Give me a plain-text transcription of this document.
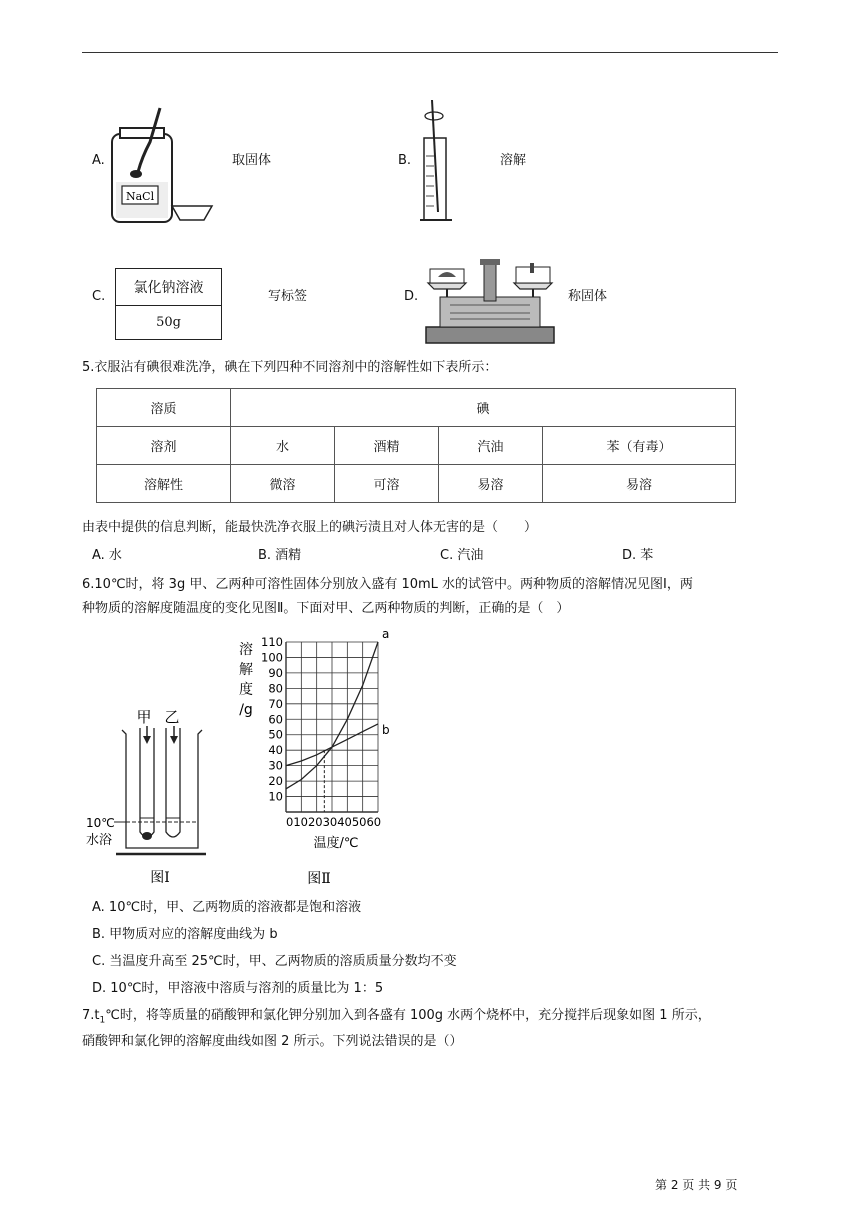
A.
NaCl
取固体	B.	溶解
C.
氯化钠溶液
50g
写标签	D.	称固体
5.衣服沾有碘很难洗净，碘在下列四种不同溶剂中的溶解性如下表所示：
溶质	碘			
溶剂	水	酒精	汽油	苯（有毒）
溶解性	微溶	可溶	易溶	易溶
由表中提供的信息判断，能最快洗净衣服上的碘污渍且对人体无害的是（　　）
A. 水	B. 酒精	C. 汽油	D. 苯
6.10℃时，将 3g 甲、乙两种可溶性固体分别放入盛有 10mL 水的试管中。两种物质的溶解情况见图Ⅰ，两
种物质的溶解度随温度的变化见图Ⅱ。下面对甲、乙两种物质的判断，正确的是（　）
甲 乙
10℃
水浴
图Ⅰ
溶
解
度
/g
10
20
30
40
50
60
70
80
90
100
110
0102030405060
温度/℃
a
b
图Ⅱ
A. 10℃时，甲、乙两物质的溶液都是饱和溶液
B. 甲物质对应的溶解度曲线为 b
C. 当温度升高至 25℃时，甲、乙两物质的溶质质量分数均不变
D. 10℃时，甲溶液中溶质与溶剂的质量比为 1：5
$7.t_1℃$时，将等质量的硝酸钾和氯化钾分别加入到各盛有 100g 水两个烧杯中，充分搅拌后现象如图 1 所示，
硝酸钾和氯化钾的溶解度曲线如图 2 所示。下列说法错误的是（）
第 2 页 共 9 页
